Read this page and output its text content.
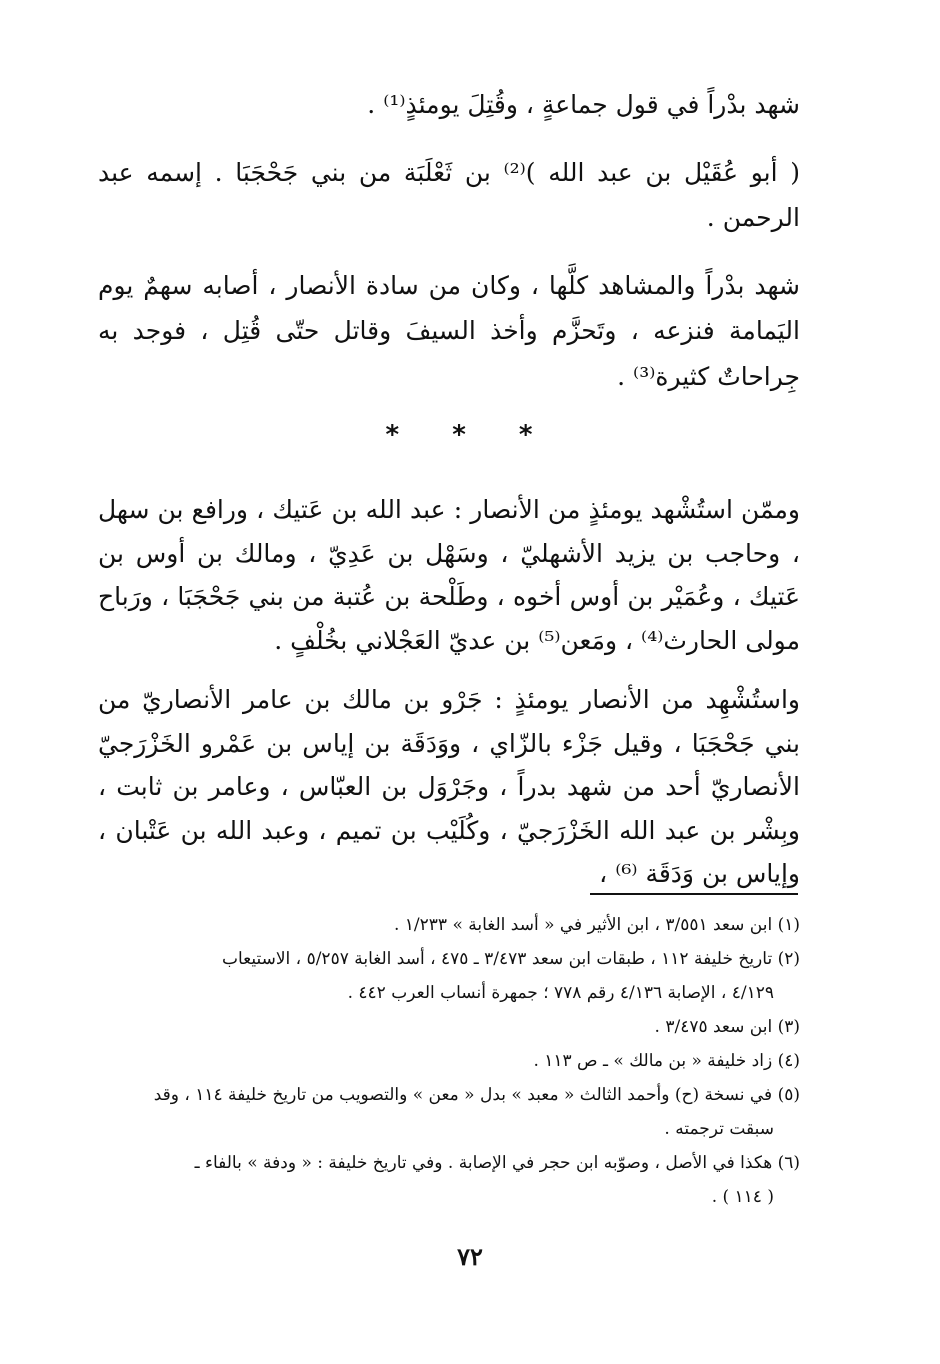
شهد بدْراً في قول جماعةٍ ، وقُتِلَ يومئذٍ⁽¹⁾ .

( أبو عُقَيْل بن عبد الله )⁽²⁾ بن ثَعْلَبَة من بني جَحْجَبَا . إسمه عبد الرحمن .

شهد بدْراً والمشاهد كلَّها ، وكان من سادة الأنصار ، أصابه سهمٌ يوم اليَمامة فنزعه ، وتَحزَّم وأخذ السيفَ وقاتل حتّى قُتِل ، فوجد به جِراحاتٌ كثيرة⁽³⁾ .

* * *

وممّن استُشْهد يومئذٍ من الأنصار : عبد الله بن عَتيك ، ورافع بن سهل ، وحاجب بن يزيد الأشهليّ ، وسَهْل بن عَدِيّ ، ومالك بن أوس بن عَتيك ، وعُمَيْر بن أوس أخوه ، وطَلْحة بن عُتبة من بني جَحْجَبَا ، ورَباح مولى الحارث⁽⁴⁾ ، ومَعن⁽⁵⁾ بن عديّ العَجْلاني بخُلْفٍ .

واستُشْهِد من الأنصار يومئذٍ : جَرْو بن مالك بن عامر الأنصاريّ من بني جَحْجَبَا ، وقيل جَزْء بالزّاي ، ووَدَقَة بن إياس بن عَمْرو الخَزْرَجيّ الأنصاريّ أحد من شهد بدراً ، وجَرْوَل بن العبّاس ، وعامر بن ثابت ، وبِشْر بن عبد الله الخَزْرَجيّ ، وكُلَيْب بن تميم ، وعبد الله بن عَتْبان ، وإياس بن وَدَقَة ⁽⁶⁾ ،

(١) ابن سعد ٣/٥٥١ ، ابن الأثير في « أسد الغابة » ١/٢٣٣ .

(٢) تاريخ خليفة ١١٢ ، طبقات ابن سعد ٣/٤٧٣ ـ ٤٧٥ ، أسد الغابة ٥/٢٥٧ ، الاستيعاب

٤/١٢٩ ، الإصابة ٤/١٣٦ رقم ٧٧٨ ؛ جمهرة أنساب العرب ٤٤٢ .

(٣) ابن سعد ٣/٤٧٥ .

(٤) زاد خليفة « بن مالك » ـ ص ١١٣ .

(٥) في نسخة (ح) وأحمد الثالث « معبد » بدل « معن » والتصويب من تاريخ خليفة ١١٤ ، وقد

سبقت ترجمته .

(٦) هكذا في الأصل ، وصوّبه ابن حجر في الإصابة . وفي تاريخ خليفة : « ودفة » بالفاء ـ

( ١١٤ ) .

٧٢
